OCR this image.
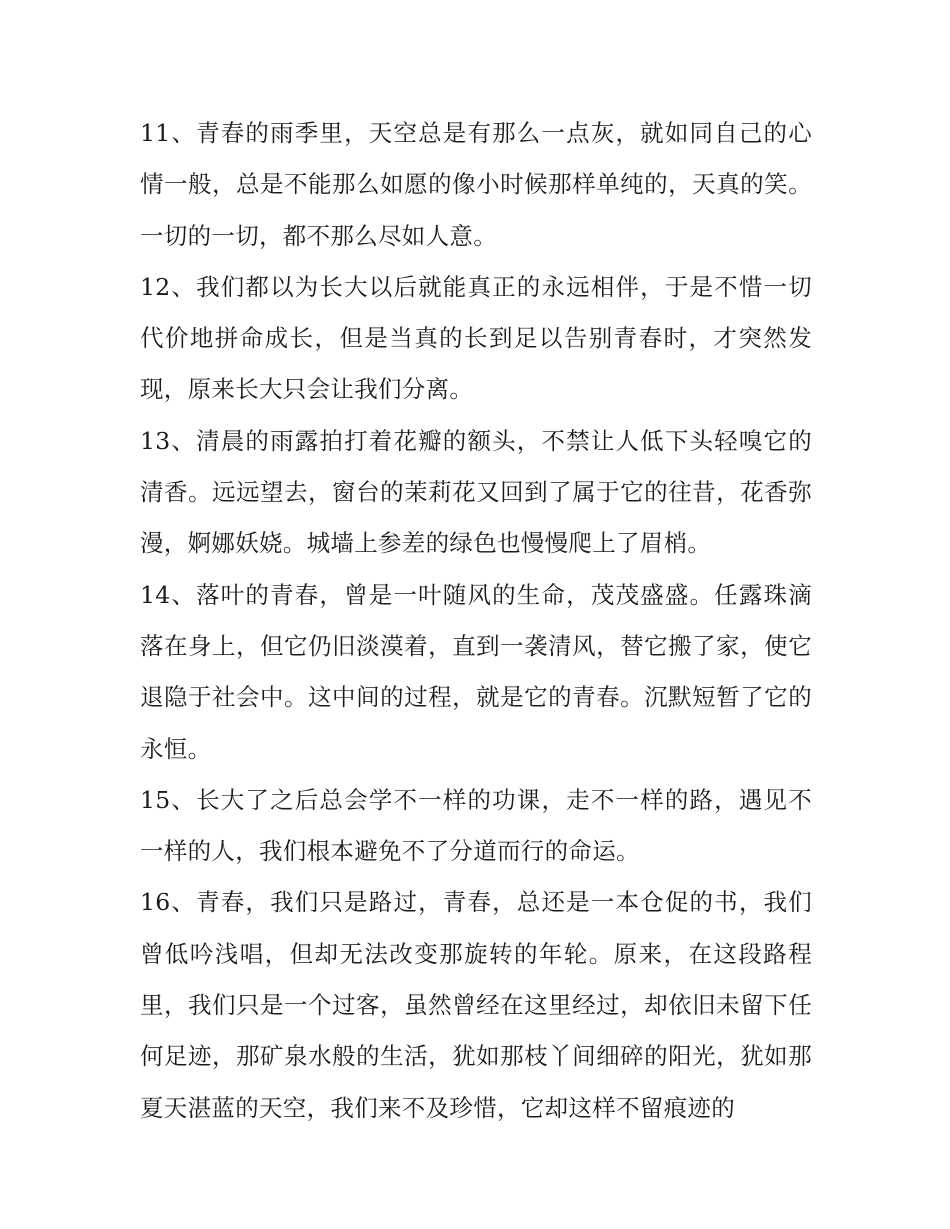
11、青春的雨季里，天空总是有那么一点灰，就如同自己的心情一般，总是不能那么如愿的像小时候那样单纯的，天真的笑。一切的一切，都不那么尽如人意。

12、我们都以为长大以后就能真正的永远相伴，于是不惜一切代价地拼命成长，但是当真的长到足以告别青春时，才突然发现，原来长大只会让我们分离。

13、清晨的雨露拍打着花瓣的额头，不禁让人低下头轻嗅它的清香。远远望去，窗台的茉莉花又回到了属于它的往昔，花香弥漫，婀娜妖娆。城墙上参差的绿色也慢慢爬上了眉梢。

14、落叶的青春，曾是一叶随风的生命，茂茂盛盛。任露珠滴落在身上，但它仍旧淡漠着，直到一袭清风，替它搬了家，使它退隐于社会中。这中间的过程，就是它的青春。沉默短暂了它的永恒。

15、长大了之后总会学不一样的功课，走不一样的路，遇见不一样的人，我们根本避免不了分道而行的命运。

16、青春，我们只是路过，青春，总还是一本仓促的书，我们曾低吟浅唱，但却无法改变那旋转的年轮。原来，在这段路程里，我们只是一个过客，虽然曾经在这里经过，却依旧未留下任何足迹，那矿泉水般的生活，犹如那枝丫间细碎的阳光，犹如那夏天湛蓝的天空，我们来不及珍惜，它却这样不留痕迹的
